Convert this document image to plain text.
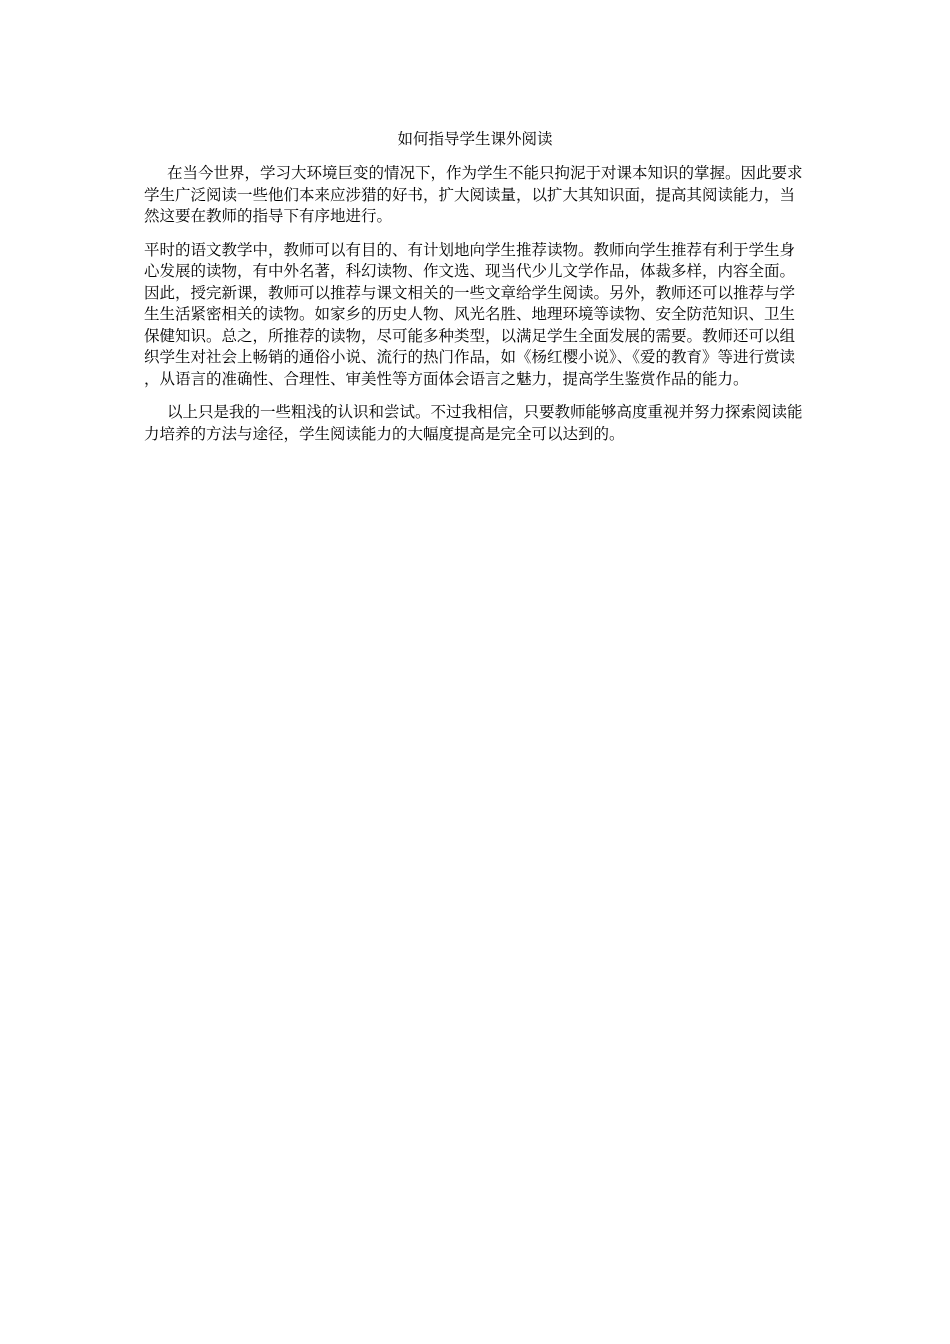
如何指导学生课外阅读

在当今世界，学习大环境巨变的情况下，作为学生不能只拘泥于对课本知识的掌握。因此要求学生广泛阅读一些他们本来应涉猎的好书，扩大阅读量，以扩大其知识面，提高其阅读能力，当然这要在教师的指导下有序地进行。

平时的语文教学中，教师可以有目的、有计划地向学生推荐读物。教师向学生推荐有利于学生身心发展的读物，有中外名著，科幻读物、作文选、现当代少儿文学作品，体裁多样，内容全面。因此，授完新课，教师可以推荐与课文相关的一些文章给学生阅读。另外，教师还可以推荐与学生生活紧密相关的读物。如家乡的历史人物、风光名胜、地理环境等读物、安全防范知识、卫生保健知识。总之，所推荐的读物，尽可能多种类型，以满足学生全面发展的需要。教师还可以组织学生对社会上畅销的通俗小说、流行的热门作品，如《杨红樱小说》、《爱的教育》等进行赏读，从语言的准确性、合理性、审美性等方面体会语言之魅力，提高学生鉴赏作品的能力。

以上只是我的一些粗浅的认识和尝试。不过我相信，只要教师能够高度重视并努力探索阅读能力培养的方法与途径，学生阅读能力的大幅度提高是完全可以达到的。
